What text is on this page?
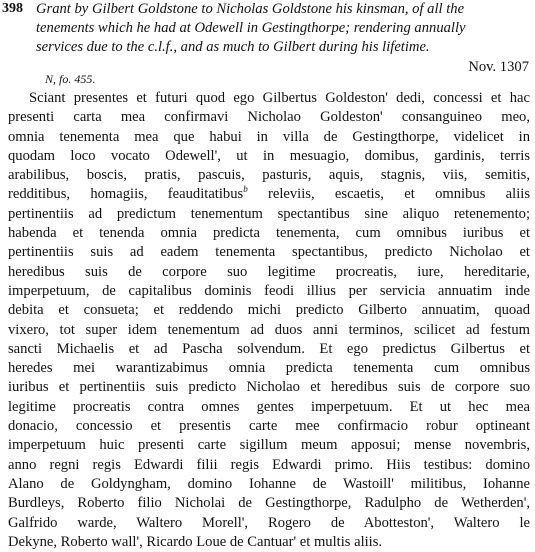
398 Grant by Gilbert Goldstone to Nicholas Goldstone his kinsman, of all the
tenements which he had at Odewell in Gestingthorpe; rendering annually
services due to the c.l.f., and as much to Gilbert during his lifetime.
Nov. 1307
N, fo. 455.
Sciant presentes et futuri quod ego Gilbertus Goldeston' dedi, concessi et hac
presenti carta mea confirmavi Nicholao Goldeston' consanguineo meo,
omnia tenementa mea que habui in villa de Gestingthorpe, videlicet in
quodam loco vocato Odewell', ut in mesuagio, domibus, gardinis, terris
arabilibus, boscis, pratis, pascuis, pasturis, aquis, stagnis, viis, semitis,
redditibus, homagiis, feauditatibus$^b$ releviis, escaetis, et omnibus aliis
pertinentiis ad predictum tenementum spectantibus sine aliquo retenemento;
habenda et tenenda omnia predicta tenementa, cum omnibus iuribus et
pertinentiis suis ad eadem tenementa spectantibus, predicto Nicholao et
heredibus suis de corpore suo legitime procreatis, iure, hereditarie,
imperpetuum, de capitalibus dominis feodi illius per servicia annuatim inde
debita et consueta; et reddendo michi predicto Gilberto annuatim, quoad
vixero, tot super idem tenementum ad duos anni terminos, scilicet ad festum
sancti Michaelis et ad Pascha solvendum. Et ego predictus Gilbertus et
heredes mei warantizabimus omnia predicta tenementa cum omnibus
iuribus et pertinentiis suis predicto Nicholao et heredibus suis de corpore suo
legitime procreatis contra omnes gentes imperpetuum. Et ut hec mea
donacio, concessio et presentis carte mee confirmacio robur optineant
imperpetuum huic presenti carte sigillum meum apposui; mense novembris,
anno regni regis Edwardi filii regis Edwardi primo. Hiis testibus: domino
Alano de Goldyngham, domino Iohanne de Wastoill' militibus, Iohanne
Burdleys, Roberto filio Nicholai de Gestingthorpe, Radulpho de Wetherden',
Galfrido warde, Waltero Morell', Rogero de Abotteston', Waltero le
Dekyne, Roberto wall', Ricardo Loue de Cantuar' et multis aliis.
